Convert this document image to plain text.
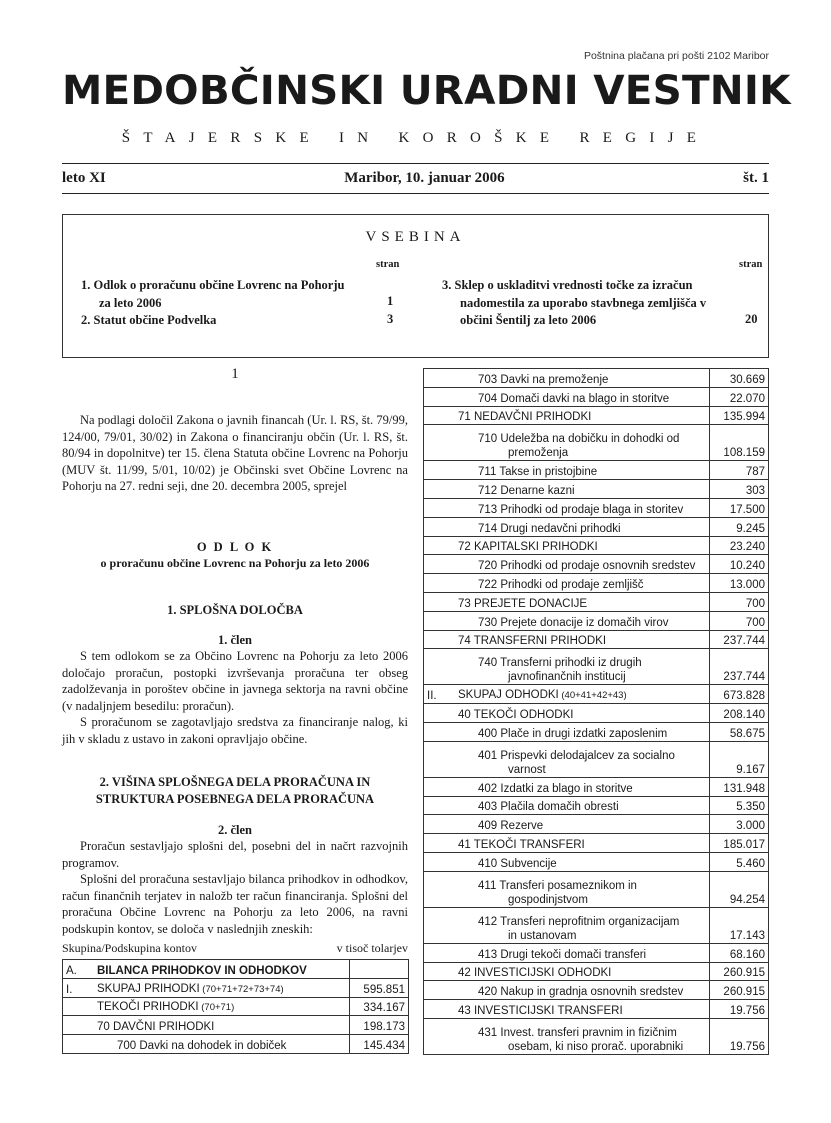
Poštnina plačana pri pošti 2102 Maribor
MEDOBČINSKI URADNI VESTNIK
ŠTAJERSKE IN KOROŠKE REGIJE
leto XI	Maribor, 10. januar 2006	št. 1
VSEBINA
stran	stran
1. Odlok o proračunu občine Lovrenc na Pohorju
za leto 2006	1
2. Statut občine Podvelka	3
3. Sklep o uskladitvi vrednosti točke za izračun
nadomestila za uporabo stavbnega zemljišča v
občini Šentilj za leto 2006	20
1
Na podlagi določil Zakona o javnih financah (Ur. l. RS, št. 79/99, 124/00, 79/01, 30/02) in Zakona o financiranju občin (Ur. l. RS, št. 80/94 in dopolnitve) ter 15. člena Statuta občine Lovrenc na Pohorju (MUV št. 11/99, 5/01, 10/02) je Občinski svet Občine Lovrenc na Pohorju na 27. redni seji, dne 20. decembra 2005, sprejel
O D L O K
o proračunu občine Lovrenc na Pohorju za leto 2006
1. SPLOŠNA DOLOČBA
1. člen
S tem odlokom se za Občino Lovrenc na Pohorju za leto 2006 določajo proračun, postopki izvrševanja proračuna ter obseg zadolževanja in poroštev občine in javnega sektorja na ravni občine (v nadaljnjem besedilu: proračun).
S proračunom se zagotavljajo sredstva za financiranje nalog, ki jih v skladu z ustavo in zakoni opravljajo občine.
2. VIŠINA SPLOŠNEGA DELA PRORAČUNA IN
STRUKTURA POSEBNEGA DELA PRORAČUNA
2. člen
Proračun sestavljajo splošni del, posebni del in načrt razvojnih programov.
Splošni del proračuna sestavljajo bilanca prihodkov in odhodkov, račun finančnih terjatev in naložb ter račun financiranja. Splošni del proračuna Občine Lovrenc na Pohorju za leto 2006, na ravni podskupin kontov, se določa v naslednjih zneskih:
Skupina/Podskupina kontov	v tisoč tolarjev
A.	BILANCA PRIHODKOV IN ODHODKOV	
I.	SKUPAJ PRIHODKI (70+71+72+73+74)	595.851
	TEKOČI PRIHODKI (70+71)	334.167
	70 DAVČNI PRIHODKI	198.173
	700 Davki na dohodek in dobiček	145.434
	703 Davki na premoženje	30.669
	704 Domači davki na blago in storitve	22.070
	71 NEDAVČNI PRIHODKI	135.994

	710 Udeležba na dobičku in dohodki od
premoženja	108.159
	711 Takse in pristojbine	787
	712 Denarne kazni	303
	713 Prihodki od prodaje blaga in storitev	17.500
	714 Drugi nedavčni prihodki	9.245
	72 KAPITALSKI PRIHODKI	23.240
	720 Prihodki od prodaje osnovnih sredstev	10.240
	722 Prihodki od prodaje zemljišč	13.000
	73 PREJETE DONACIJE	700
	730 Prejete donacije iz domačih virov	700
	74 TRANSFERNI PRIHODKI	237.744

	740 Transferni prihodki iz drugih
javnofinančnih institucij	237.744
II.	SKUPAJ ODHODKI (40+41+42+43)	673.828
	40 TEKOČI ODHODKI	208.140
	400 Plače in drugi izdatki zaposlenim	58.675

	401 Prispevki delodajalcev za socialno
varnost	9.167
	402 Izdatki za blago in storitve	131.948
	403 Plačila domačih obresti	5.350
	409 Rezerve	3.000
	41 TEKOČI TRANSFERI	185.017
	410 Subvencije	5.460

	411 Transferi posameznikom in
gospodinjstvom	94.254

	412 Transferi neprofitnim organizacijam
in ustanovam	17.143
	413 Drugi tekoči domači transferi	68.160
	42 INVESTICIJSKI ODHODKI	260.915
	420 Nakup in gradnja osnovnih sredstev	260.915
	43 INVESTICIJSKI TRANSFERI	19.756

	431 Invest. transferi pravnim in fizičnim
osebam, ki niso prorač. uporabniki	19.756
